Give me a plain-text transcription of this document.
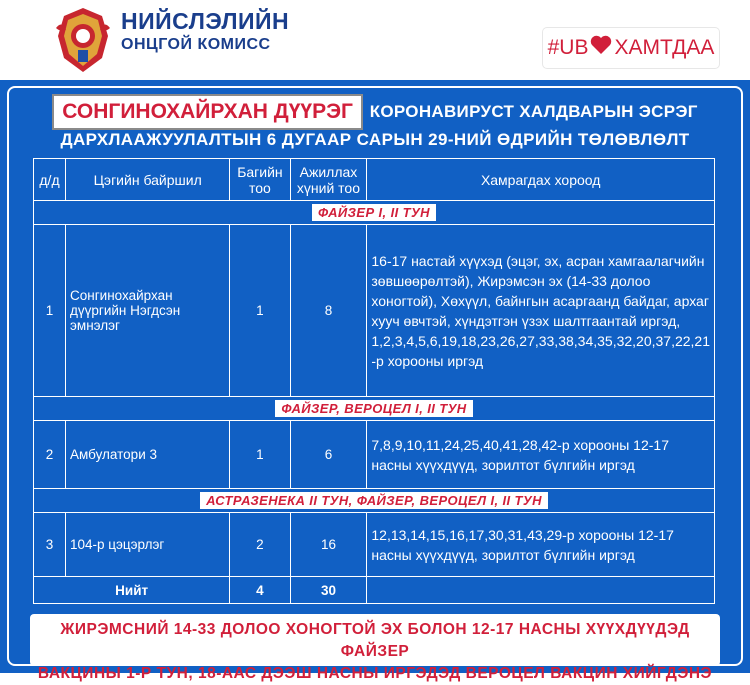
НИЙСЛЭЛИЙН
ОНЦГОЙ КОМИСС	#UB ХАМТДАА
СОНГИНОХАЙРХАН ДҮҮРЭГ КОРОНАВИРУСТ ХАЛДВАРЫН ЭСРЭГ
ДАРХЛААЖУУЛАЛТЫН 6 ДУГААР САРЫН 29-НИЙ ӨДРИЙН ТӨЛӨВЛӨЛТ
д/д	Цэгийн байршил	Багийн тоо	Ажиллах хүний тоо	Хамрагдах хороод
ФАЙЗЕР I, II ТУН				
1	Сонгинохайрхан дүүргийн Нэгдсэн эмнэлэг	1	8	16-17 настай хүүхэд (эцэг, эх, асран хамгаалагчийн зөвшөөрөлтэй), Жирэмсэн эх (14-33 долоо хоногтой), Хөхүүл, байнгын асаргаанд байдаг, архаг хууч өвчтэй, хүндэтгэн үзэх шалтгаантай иргэд, 1,2,3,4,5,6,19,18,23,26,27,33,38,34,35,32,20,37,22,21 -р хорооны иргэд
ФАЙЗЕР, ВЕРОЦЕЛ I, II ТУН				
2	Амбулатори 3	1	6	7,8,9,10,11,24,25,40,41,28,42-р хорооны 12-17 насны хүүхдүүд, зорилтот бүлгийн иргэд
АСТРАЗЕНЕКА II ТУН, ФАЙЗЕР, ВЕРОЦЕЛ I, II ТУН				
3	104-р цэцэрлэг	2	16	12,13,14,15,16,17,30,31,43,29-р хорооны 12-17 насны хүүхдүүд, зорилтот бүлгийн иргэд
Нийт		4	30	
ЖИРЭМСНИЙ 14-33 ДОЛОО ХОНОГТОЙ ЭХ БОЛОН 12-17 НАСНЫ ХҮҮХДҮҮДЭД ФАЙЗЕР
ВАКЦИНЫ 1-Р ТУН, 18-ААС ДЭЭШ НАСНЫ ИРГЭДЭД ВЕРОЦЕЛ ВАКЦИН ХИЙГДЭНЭ
